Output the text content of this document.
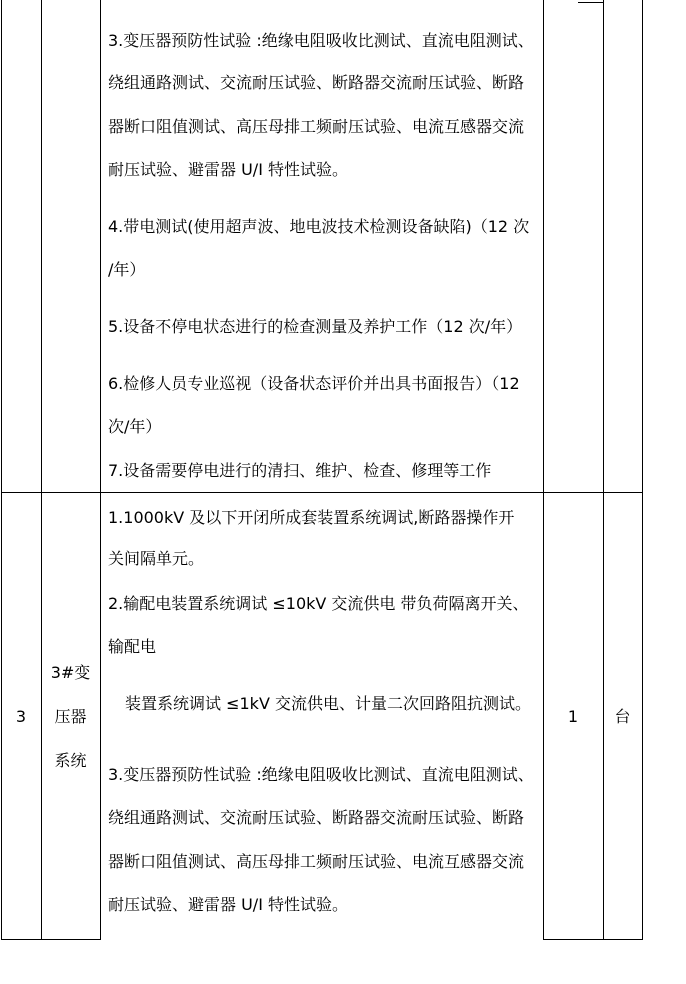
3.变压器预防性试验 :绝缘电阻吸收比测试、直流电阻测试、
绕组通路测试、交流耐压试验、断路器交流耐压试验、断路
器断口阻值测试、高压母排工频耐压试验、电流互感器交流
耐压试验、避雷器 U/I 特性试验。
4.带电测试(使用超声波、地电波技术检测设备缺陷)（12 次
/年）
5.设备不停电状态进行的检查测量及养护工作（12 次/年）
6.检修人员专业巡视（设备状态评价并出具书面报告）（12
次/年）
7.设备需要停电进行的清扫、维护、检查、修理等工作
3
3#变
压器
系统
1.1000kV 及以下开闭所成套装置系统调试,断路器操作开
关间隔单元。
2.输配电装置系统调试 ≤10kV 交流供电 带负荷隔离开关、
输配电
装置系统调试 ≤1kV 交流供电、计量二次回路阻抗测试。
3.变压器预防性试验 :绝缘电阻吸收比测试、直流电阻测试、
绕组通路测试、交流耐压试验、断路器交流耐压试验、断路
器断口阻值测试、高压母排工频耐压试验、电流互感器交流
耐压试验、避雷器 U/I 特性试验。
1	台
